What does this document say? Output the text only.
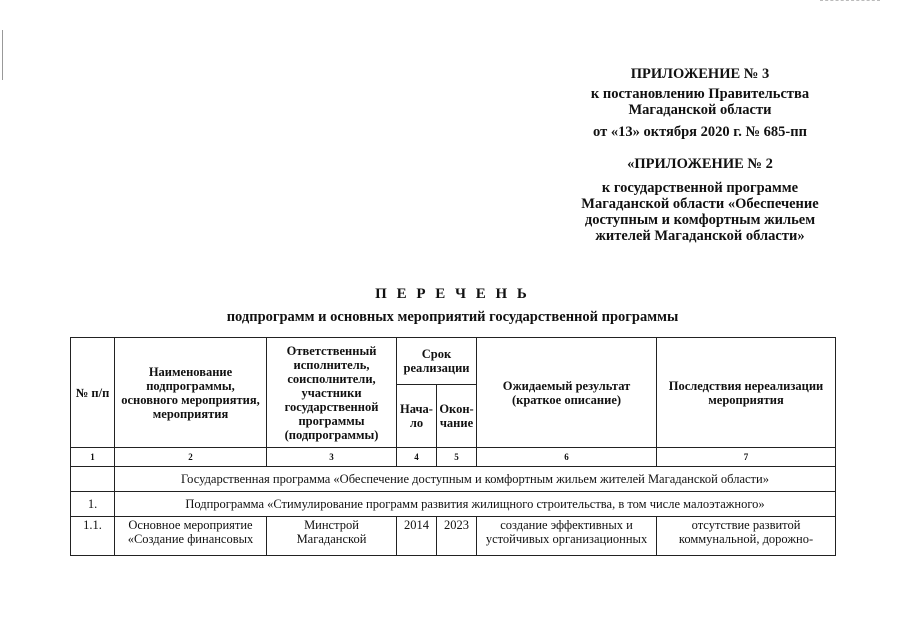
ПРИЛОЖЕНИЕ № 3
к постановлению Правительства
Магаданской области
от «13» октября 2020 г. № 685-пп
«ПРИЛОЖЕНИЕ № 2
к государственной программе
Магаданской области «Обеспечение
доступным и комфортным жильем
жителей Магаданской области»
П Е Р Е Ч Е Н Ь
подпрограмм и основных мероприятий государственной программы
№ п/п	Наименование подпрограммы, основного мероприятия, мероприятия	Ответственный исполнитель, соисполнители, участники государственной программы (подпрограммы)	Срок реализации		Ожидаемый результат (краткое описание)	Последствия нереализации мероприятия
			Нача-ло	Окон-чание		
1	2	3	4	5	6	7
	Государственная программа «Обеспечение доступным и комфортным жильем жителей Магаданской области»					
1.	Подпрограмма «Стимулирование программ развития жилищного строительства, в том числе малоэтажного»					
1.1.	Основное мероприятие «Создание финансовых	Минстрой Магаданской	2014	2023	создание эффективных и устойчивых организационных	отсутствие развитой коммунальной, дорожно-
